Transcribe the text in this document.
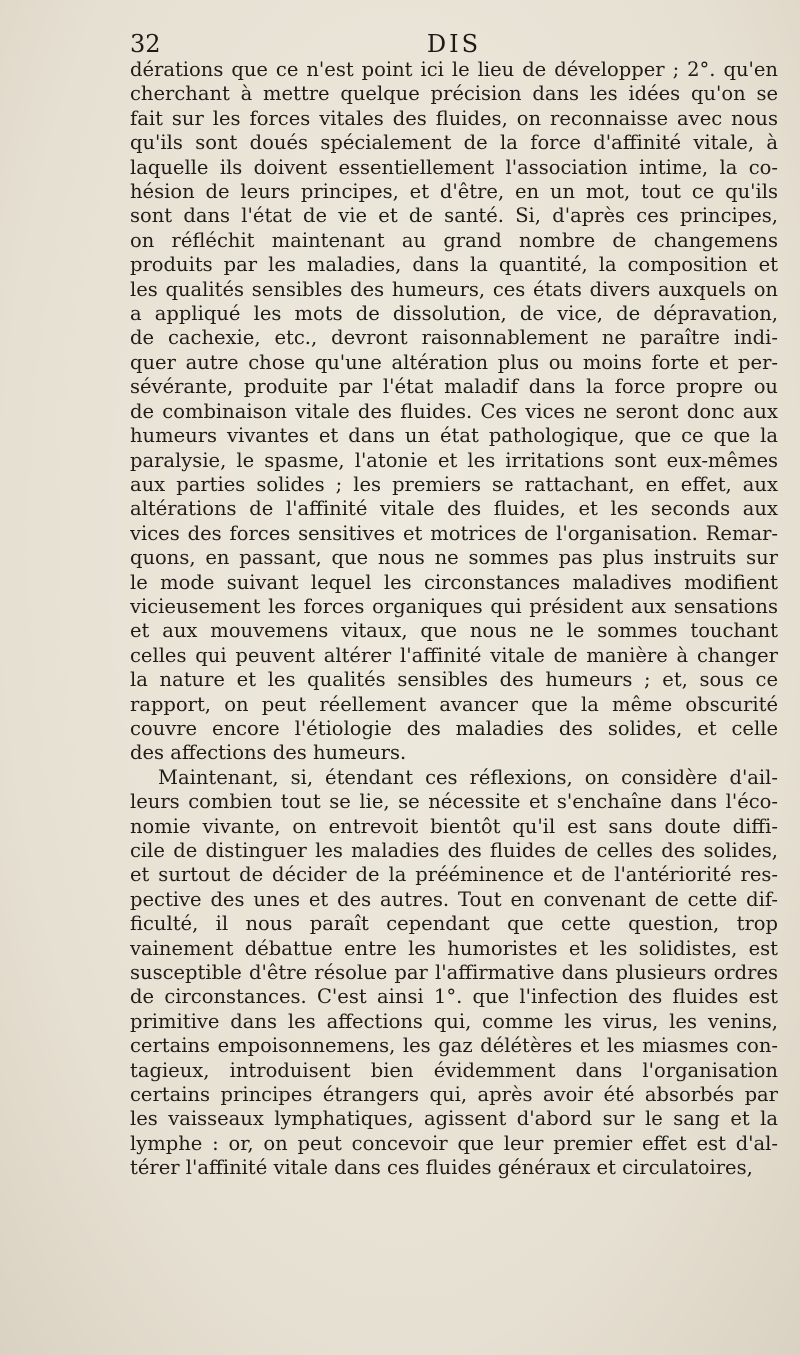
32	DIS
dérations que ce n'est point ici le lieu de développer ; 2°. qu'en
cherchant à mettre quelque précision dans les idées qu'on se
fait sur les forces vitales des fluides, on reconnaisse avec nous
qu'ils sont doués spécialement de la force d'affinité vitale, à
laquelle ils doivent essentiellement l'association intime, la co-
hésion de leurs principes, et d'être, en un mot, tout ce qu'ils
sont dans l'état de vie et de santé. Si, d'après ces principes,
on réfléchit maintenant au grand nombre de changemens
produits par les maladies, dans la quantité, la composition et
les qualités sensibles des humeurs, ces états divers auxquels on
a appliqué les mots de dissolution, de vice, de dépravation,
de cachexie, etc., devront raisonnablement ne paraître indi-
quer autre chose qu'une altération plus ou moins forte et per-
sévérante, produite par l'état maladif dans la force propre ou
de combinaison vitale des fluides. Ces vices ne seront donc aux
humeurs vivantes et dans un état pathologique, que ce que la
paralysie, le spasme, l'atonie et les irritations sont eux-mêmes
aux parties solides ; les premiers se rattachant, en effet, aux
altérations de l'affinité vitale des fluides, et les seconds aux
vices des forces sensitives et motrices de l'organisation. Remar-
quons, en passant, que nous ne sommes pas plus instruits sur
le mode suivant lequel les circonstances maladives modifient
vicieusement les forces organiques qui président aux sensations
et aux mouvemens vitaux, que nous ne le sommes touchant
celles qui peuvent altérer l'affinité vitale de manière à changer
la nature et les qualités sensibles des humeurs ; et, sous ce
rapport, on peut réellement avancer que la même obscurité
couvre encore l'étiologie des maladies des solides, et celle
des affections des humeurs.
Maintenant, si, étendant ces réflexions, on considère d'ail-
leurs combien tout se lie, se nécessite et s'enchaîne dans l'éco-
nomie vivante, on entrevoit bientôt qu'il est sans doute diffi-
cile de distinguer les maladies des fluides de celles des solides,
et surtout de décider de la prééminence et de l'antériorité res-
pective des unes et des autres. Tout en convenant de cette dif-
ficulté, il nous paraît cependant que cette question, trop
vainement débattue entre les humoristes et les solidistes, est
susceptible d'être résolue par l'affirmative dans plusieurs ordres
de circonstances. C'est ainsi 1°. que l'infection des fluides est
primitive dans les affections qui, comme les virus, les venins,
certains empoisonnemens, les gaz délétères et les miasmes con-
tagieux, introduisent bien évidemment dans l'organisation
certains principes étrangers qui, après avoir été absorbés par
les vaisseaux lymphatiques, agissent d'abord sur le sang et la
lymphe : or, on peut concevoir que leur premier effet est d'al-
térer l'affinité vitale dans ces fluides généraux et circulatoires,
